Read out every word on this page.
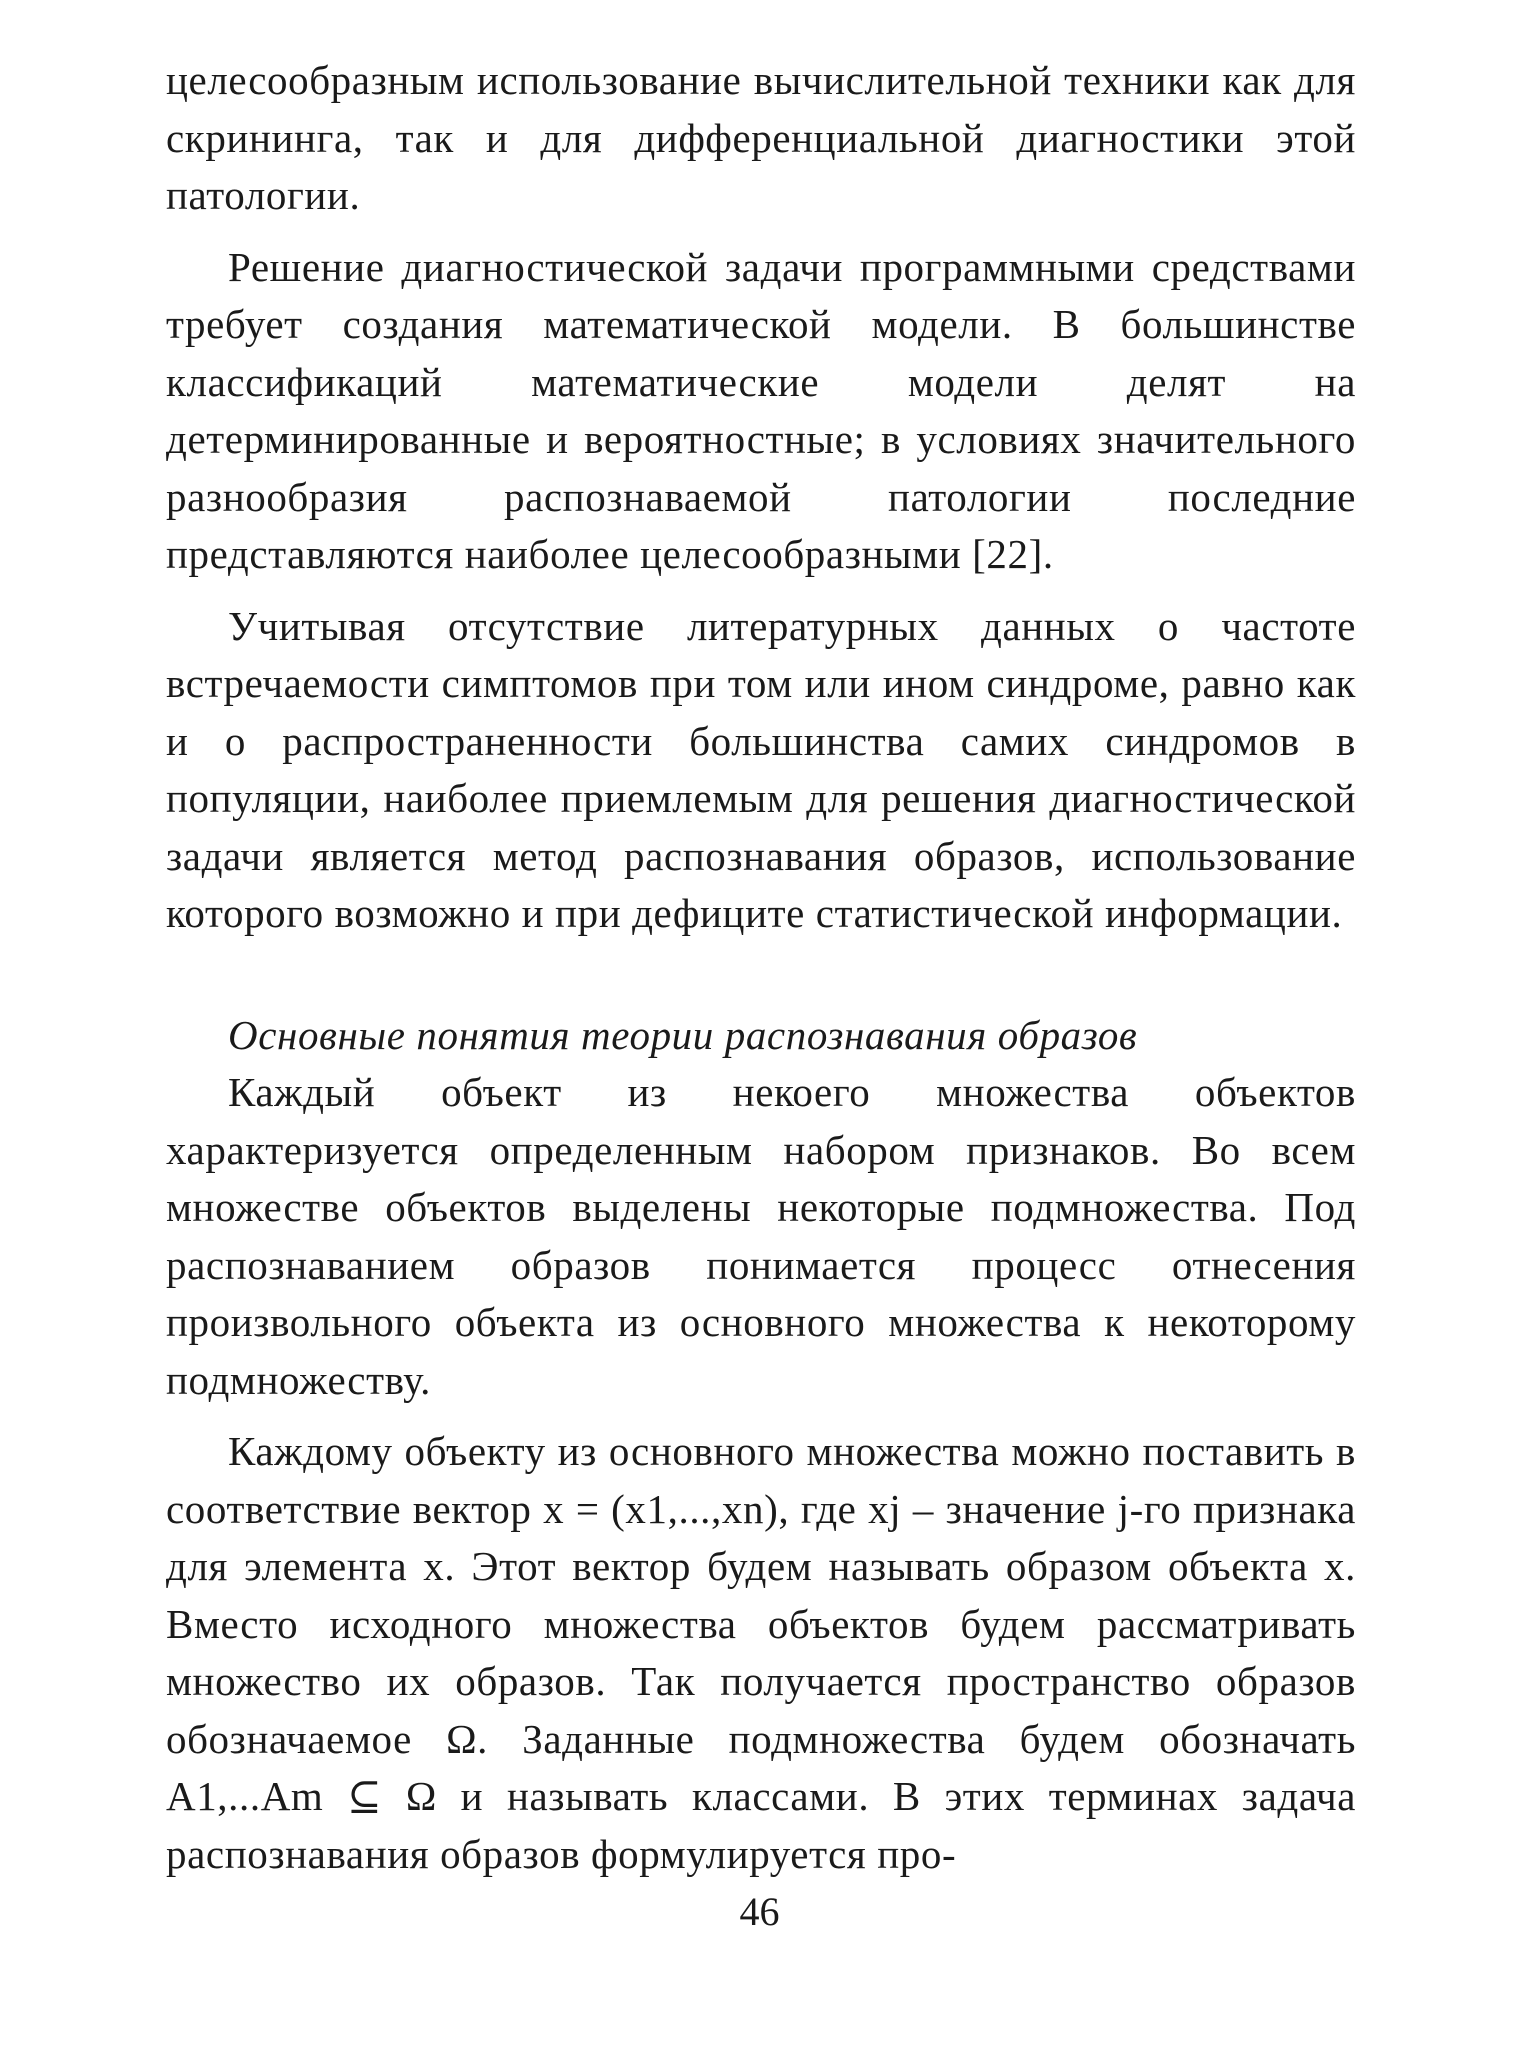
целесообразным использование вычислительной техники как для скрининга, так и для дифференциальной диагностики этой патологии.

Решение диагностической задачи программными средствами требует создания математической модели. В большинстве классификаций математические модели делят на детерминированные и вероятностные; в условиях значительного разнообразия распознаваемой патологии последние представляются наиболее целесообразными [22].

Учитывая отсутствие литературных данных о частоте встречаемости симптомов при том или ином синдроме, равно как и о распространенности большинства самих синдромов в популяции, наиболее приемлемым для решения диагностической задачи является метод распознавания образов, использование которого возможно и при дефиците статистической информации.

Основные понятия теории распознавания образов

Каждый объект из некоего множества объектов характеризуется определенным набором признаков. Во всем множестве объектов выделены некоторые подмножества. Под распознаванием образов понимается процесс отнесения произвольного объекта из основного множества к некоторому подмножеству.

Каждому объекту из основного множества можно поставить в соответствие вектор x = (x1,...,xn), где xj – значение j-го признака для элемента x. Этот вектор будем называть образом объекта x. Вместо исходного множества объектов будем рассматривать множество их образов. Так получается пространство образов обозначаемое Ω. Заданные подмножества будем обозначать A1,...Am ⊆ Ω и называть классами. В этих терминах задача распознавания образов формулируется про-

46
